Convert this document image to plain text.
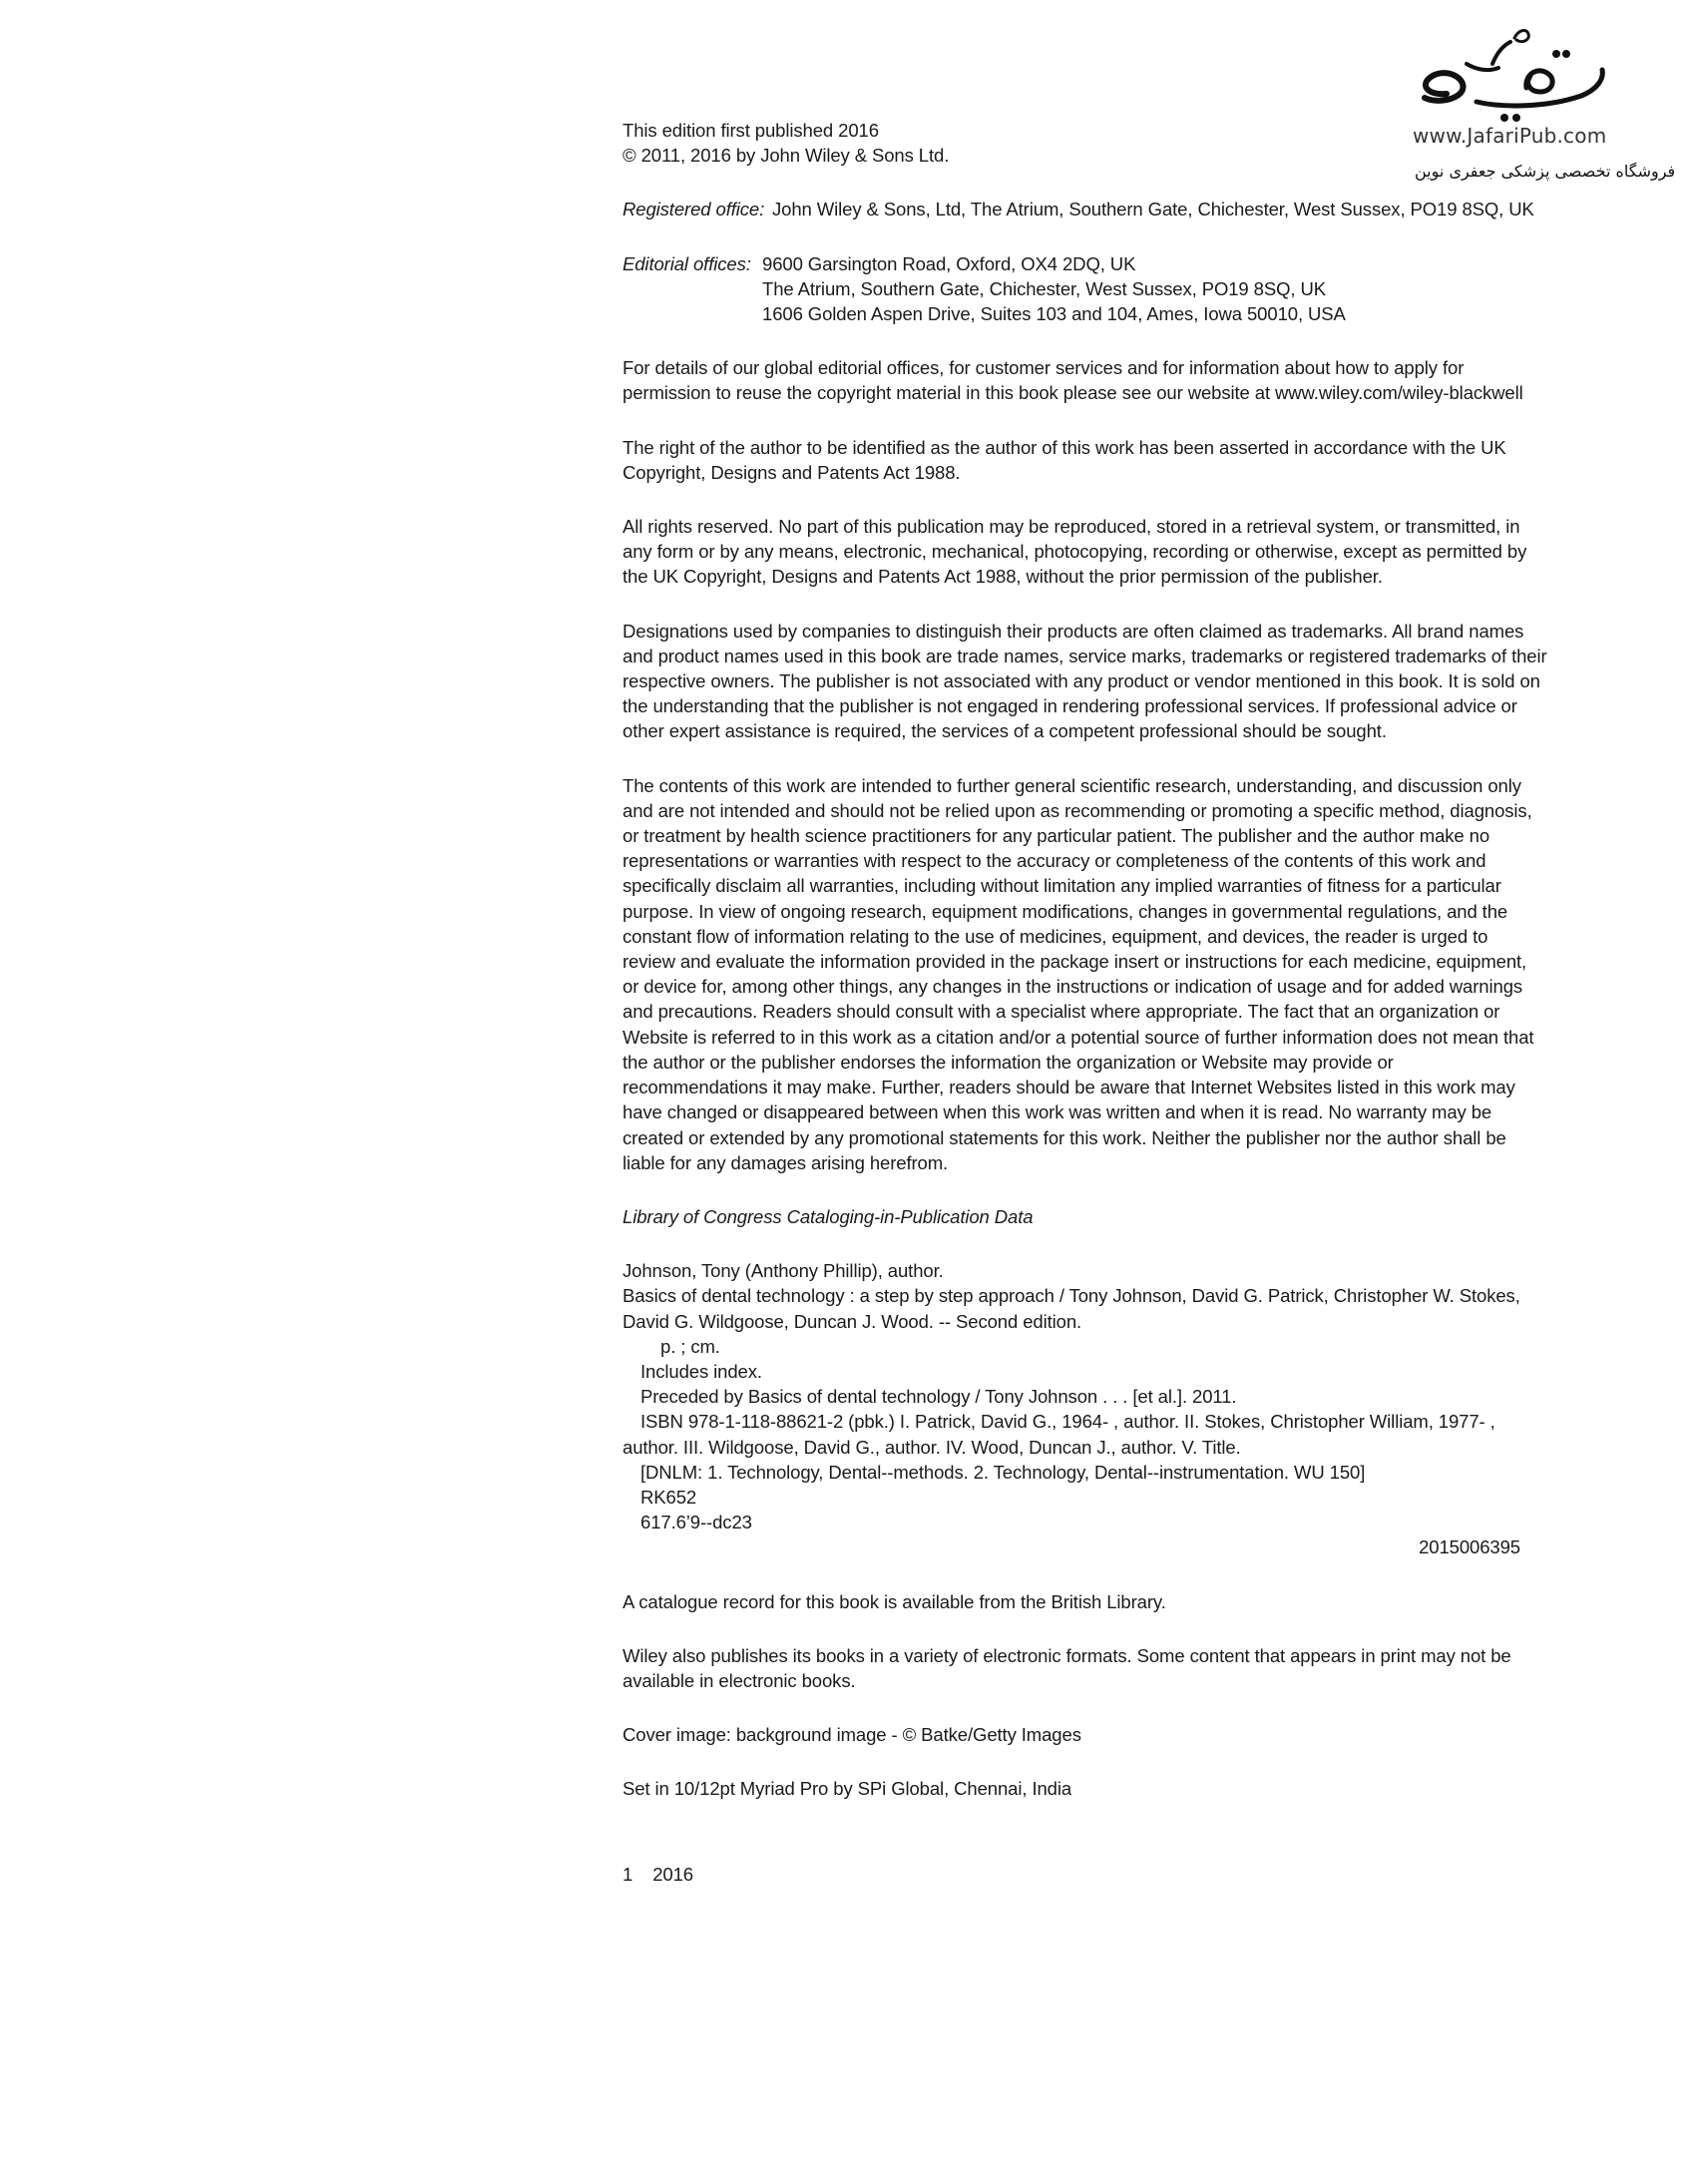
www.JafariPub.com
فروشگاه تخصصی پزشکی جعفری نوین
This edition first published 2016
© 2011, 2016 by John Wiley & Sons Ltd.
Registered office: John Wiley & Sons, Ltd, The Atrium, Southern Gate, Chichester, West Sussex, PO19 8SQ, UK
Editorial offices: 9600 Garsington Road, Oxford, OX4 2DQ, UK
The Atrium, Southern Gate, Chichester, West Sussex, PO19 8SQ, UK
1606 Golden Aspen Drive, Suites 103 and 104, Ames, Iowa 50010, USA
For details of our global editorial offices, for customer services and for information about how to apply for
permission to reuse the copyright material in this book please see our website at www.wiley.com/wiley-blackwell
The right of the author to be identified as the author of this work has been asserted in accordance with the UK
Copyright, Designs and Patents Act 1988.
All rights reserved. No part of this publication may be reproduced, stored in a retrieval system, or transmitted, in
any form or by any means, electronic, mechanical, photocopying, recording or otherwise, except as permitted by
the UK Copyright, Designs and Patents Act 1988, without the prior permission of the publisher.
Designations used by companies to distinguish their products are often claimed as trademarks. All brand names
and product names used in this book are trade names, service marks, trademarks or registered trademarks of their
respective owners. The publisher is not associated with any product or vendor mentioned in this book. It is sold on
the understanding that the publisher is not engaged in rendering professional services. If professional advice or
other expert assistance is required, the services of a competent professional should be sought.
The contents of this work are intended to further general scientific research, understanding, and discussion only
and are not intended and should not be relied upon as recommending or promoting a specific method, diagnosis,
or treatment by health science practitioners for any particular patient. The publisher and the author make no
representations or warranties with respect to the accuracy or completeness of the contents of this work and
specifically disclaim all warranties, including without limitation any implied warranties of fitness for a particular
purpose. In view of ongoing research, equipment modifications, changes in governmental regulations, and the
constant flow of information relating to the use of medicines, equipment, and devices, the reader is urged to
review and evaluate the information provided in the package insert or instructions for each medicine, equipment,
or device for, among other things, any changes in the instructions or indication of usage and for added warnings
and precautions. Readers should consult with a specialist where appropriate. The fact that an organization or
Website is referred to in this work as a citation and/or a potential source of further information does not mean that
the author or the publisher endorses the information the organization or Website may provide or
recommendations it may make. Further, readers should be aware that Internet Websites listed in this work may
have changed or disappeared between when this work was written and when it is read. No warranty may be
created or extended by any promotional statements for this work. Neither the publisher nor the author shall be
liable for any damages arising herefrom.
Library of Congress Cataloging-in-Publication Data
Johnson, Tony (Anthony Phillip), author.
Basics of dental technology : a step by step approach / Tony Johnson, David G. Patrick, Christopher W. Stokes,
David G. Wildgoose, Duncan J. Wood. -- Second edition.
p. ; cm.
Includes index.
Preceded by Basics of dental technology / Tony Johnson . . . [et al.]. 2011.
ISBN 978-1-118-88621-2 (pbk.) I. Patrick, David G., 1964- , author. II. Stokes, Christopher William, 1977- ,
author. III. Wildgoose, David G., author. IV. Wood, Duncan J., author. V. Title.
[DNLM: 1. Technology, Dental--methods. 2. Technology, Dental--instrumentation. WU 150]
RK652
617.6’9--dc23
2015006395
A catalogue record for this book is available from the British Library.
Wiley also publishes its books in a variety of electronic formats. Some content that appears in print may not be
available in electronic books.
Cover image: background image - © Batke/Getty Images
Set in 10/12pt Myriad Pro by SPi Global, Chennai, India
1 2016
